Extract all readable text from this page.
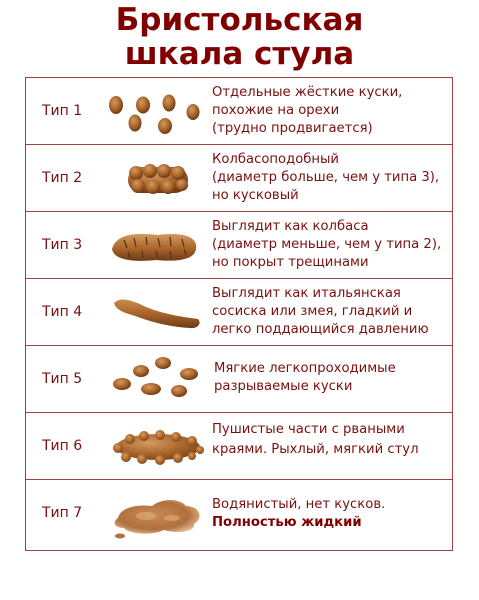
Бристольская
шкала стула
Тип 1
Отдельные жёсткие куски,
похожие на орехи
(трудно продвигается)
Тип 2
Колбасоподобный
(диаметр больше, чем у типа 3),
но кусковый
Тип 3
Выглядит как колбаса
(диаметр меньше, чем у типа 2),
но покрыт трещинами
Тип 4
Выглядит как итальянская
сосиска или змея, гладкий и
легко поддающийся давлению
Тип 5
Мягкие легкопроходимые
разрываемые куски
Тип 6
Пушистые части с рваными
краями. Рыхлый, мягкий стул
Тип 7
Водянистый, нет кусков.
Полностью жидкий
